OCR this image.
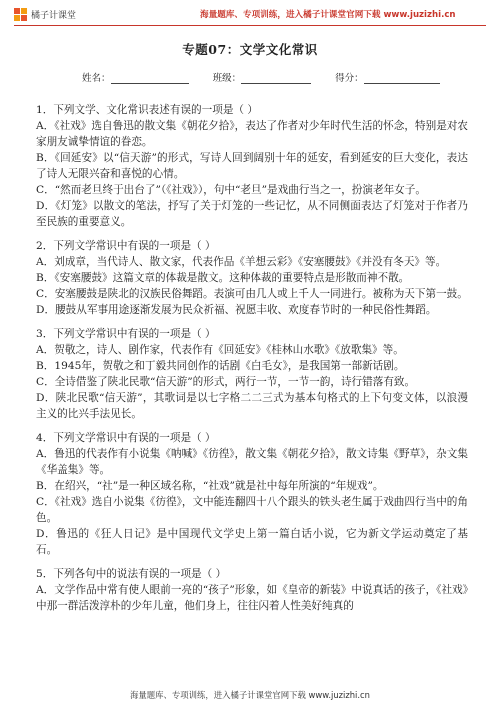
橘子计课堂	海量题库、专项训练，进入橘子计课堂官网下载 www.juzizhi.cn
专题07：文学文化常识
姓名：	班级：	得分：

1．下列文学、文化常识表述有误的一项是（ ）

A．《社戏》选自鲁迅的散文集《朝花夕拾》，表达了作者对少年时代生活的怀念，特别是对农家朋友诚挚情谊的眷恋。

B．《回延安》以“信天游”的形式，写诗人回到阔别十年的延安，看到延安的巨大变化，表达了诗人无限兴奋和喜悦的心情。

C．“然而老旦终于出台了”（《社戏》），句中“老旦”是戏曲行当之一，扮演老年女子。

D．《灯笼》以散文的笔法，抒写了关于灯笼的一些记忆，从不同侧面表达了灯笼对于作者乃至民族的重要意义。

2．下列文学常识中有误的一项是（ ）

A．刘成章，当代诗人、散文家，代表作品《羊想云彩》《安塞腰鼓》《并没有冬天》等。

B．《安塞腰鼓》这篇文章的体裁是散文。这种体裁的重要特点是形散而神不散。

C．安塞腰鼓是陕北的汉族民俗舞蹈。表演可由几人或上千人一同进行。被称为天下第一鼓。

D．腰鼓从军事用途逐渐发展为民众祈福、祝愿丰收、欢度春节时的一种民俗性舞蹈。

3．下列文学常识中有误的一项是（ ）

A．贺敬之，诗人、剧作家，代表作有《回延安》《桂林山水歌》《放歌集》等。

B．1945年，贺敬之和丁毅共同创作的话剧《白毛女》，是我国第一部新话剧。

C．全诗借鉴了陕北民歌“信天游”的形式，两行一节，一节一韵，诗行错落有致。

D．陕北民歌“信天游”，其歌词是以七字格二二三式为基本句格式的上下句变文体，以浪漫主义的比兴手法见长。

4．下列文学常识中有误的一项是（ ）

A．鲁迅的代表作有小说集《呐喊》《彷徨》，散文集《朝花夕拾》，散文诗集《野草》，杂文集《华盖集》等。

B．在绍兴，“社”是一种区域名称，“社戏”就是社中每年所演的“年规戏”。

C．《社戏》选自小说集《彷徨》，文中能连翻四十八个跟头的铁头老生属于戏曲四行当中的角色。

D．鲁迅的《狂人日记》是中国现代文学史上第一篇白话小说，它为新文学运动奠定了基石。

5．下列各句中的说法有误的一项是（ ）

A．文学作品中常有使人眼前一亮的“孩子”形象，如《皇帝的新装》中说真话的孩子，《社戏》中那一群活泼淳朴的少年儿童，他们身上，往往闪着人性美好纯真的

海量题库、专项训练，进入橘子计课堂官网下载 www.juzizhi.cn
